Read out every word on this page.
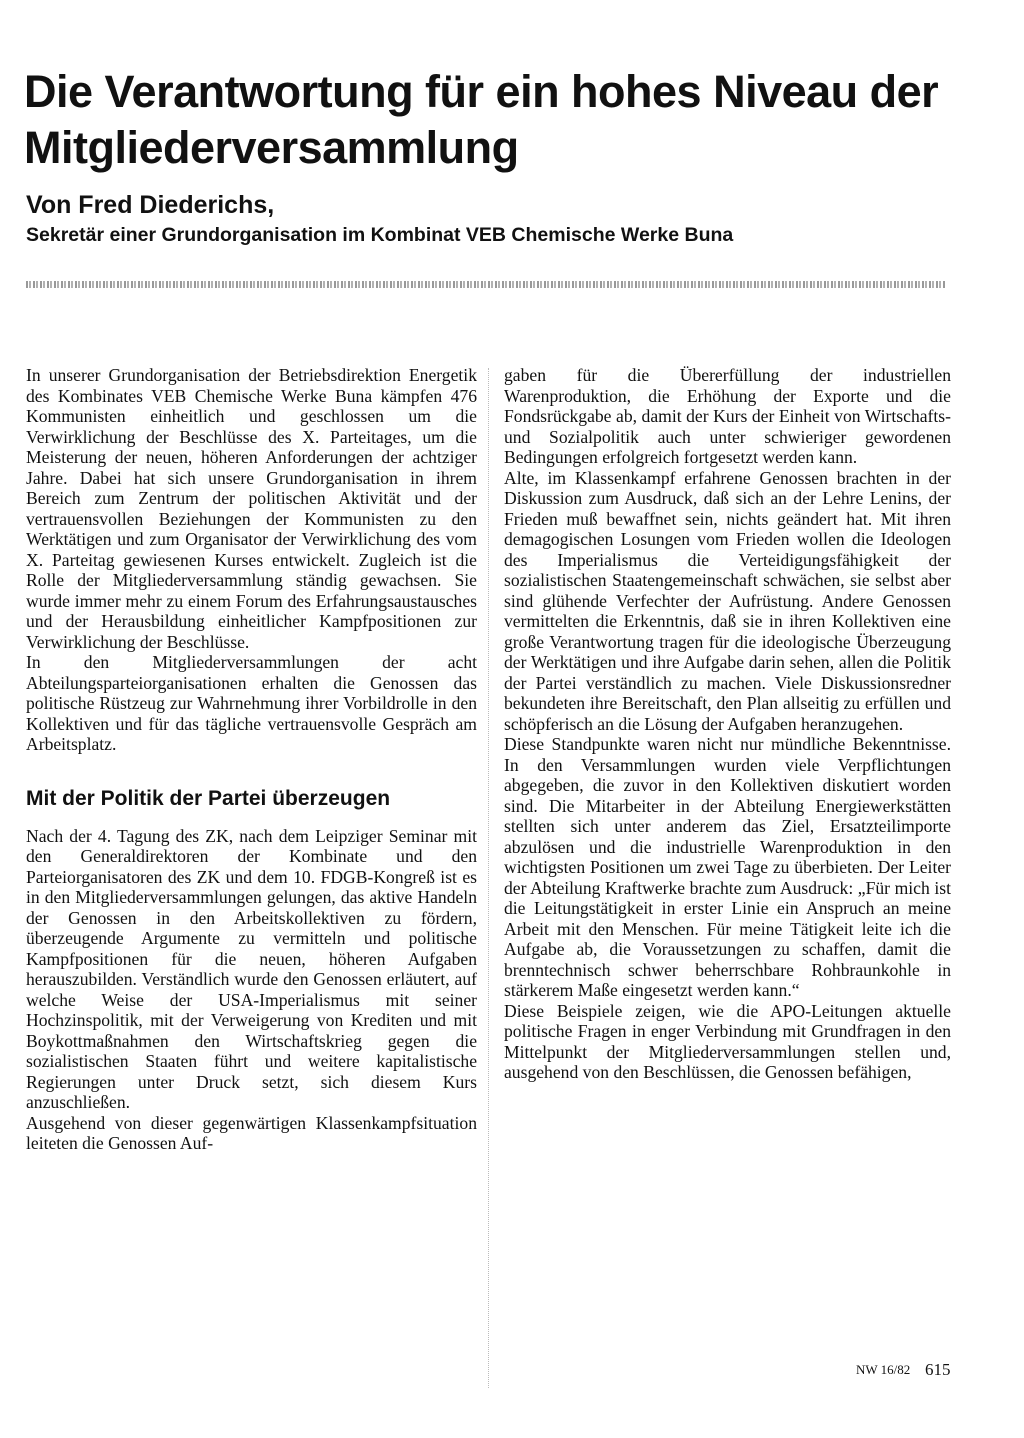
Die Verantwortung für ein hohes Niveau der Mitgliederversammlung
Von Fred Diederichs,
Sekretär einer Grundorganisation im Kombinat VEB Chemische Werke Buna

In unserer Grundorganisation der Betriebsdirektion Energetik des Kombinates VEB Chemische Werke Buna kämpfen 476 Kommunisten einheitlich und geschlossen um die Verwirklichung der Beschlüsse des X. Parteitages, um die Meisterung der neuen, höheren Anforderungen der achtziger Jahre. Dabei hat sich unsere Grundorganisation in ihrem Bereich zum Zentrum der politischen Aktivität und der vertrauensvollen Beziehungen der Kommunisten zu den Werktätigen und zum Organisator der Verwirklichung des vom X. Parteitag gewiesenen Kurses entwickelt. Zugleich ist die Rolle der Mitgliederversammlung ständig gewachsen. Sie wurde immer mehr zu einem Forum des Erfahrungsaustausches und der Herausbildung einheitlicher Kampfpositionen zur Verwirklichung der Beschlüsse.

In den Mitgliederversammlungen der acht Abteilungsparteiorganisationen erhalten die Genossen das politische Rüstzeug zur Wahrnehmung ihrer Vorbildrolle in den Kollektiven und für das tägliche vertrauensvolle Gespräch am Arbeitsplatz.

Mit der Politik der Partei überzeugen

Nach der 4. Tagung des ZK, nach dem Leipziger Seminar mit den Generaldirektoren der Kombinate und den Parteiorganisatoren des ZK und dem 10. FDGB-Kongreß ist es in den Mitgliederversammlungen gelungen, das aktive Handeln der Genossen in den Arbeitskollektiven zu fördern, überzeugende Argumente zu vermitteln und politische Kampfpositionen für die neuen, höheren Aufgaben herauszubilden. Verständlich wurde den Genossen erläutert, auf welche Weise der USA-Imperialismus mit seiner Hochzinspolitik, mit der Verweigerung von Krediten und mit Boykottmaßnahmen den Wirtschaftskrieg gegen die sozialistischen Staaten führt und weitere kapitalistische Regierungen unter Druck setzt, sich diesem Kurs anzuschließen.

Ausgehend von dieser gegenwärtigen Klassenkampfsituation leiteten die Genossen Auf-

gaben für die Übererfüllung der industriellen Warenproduktion, die Erhöhung der Exporte und die Fondsrückgabe ab, damit der Kurs der Einheit von Wirtschafts- und Sozialpolitik auch unter schwieriger gewordenen Bedingungen erfolgreich fortgesetzt werden kann.

Alte, im Klassenkampf erfahrene Genossen brachten in der Diskussion zum Ausdruck, daß sich an der Lehre Lenins, der Frieden muß bewaffnet sein, nichts geändert hat. Mit ihren demagogischen Losungen vom Frieden wollen die Ideologen des Imperialismus die Verteidigungsfähigkeit der sozialistischen Staatengemeinschaft schwächen, sie selbst aber sind glühende Verfechter der Aufrüstung. Andere Genossen vermittelten die Erkenntnis, daß sie in ihren Kollektiven eine große Verantwortung tragen für die ideologische Überzeugung der Werktätigen und ihre Aufgabe darin sehen, allen die Politik der Partei verständlich zu machen. Viele Diskussionsredner bekundeten ihre Bereitschaft, den Plan allseitig zu erfüllen und schöpferisch an die Lösung der Aufgaben heranzugehen.

Diese Standpunkte waren nicht nur mündliche Bekenntnisse. In den Versammlungen wurden viele Verpflichtungen abgegeben, die zuvor in den Kollektiven diskutiert worden sind. Die Mitarbeiter in der Abteilung Energiewerkstätten stellten sich unter anderem das Ziel, Ersatzteilimporte abzulösen und die industrielle Warenproduktion in den wichtigsten Positionen um zwei Tage zu überbieten. Der Leiter der Abteilung Kraftwerke brachte zum Ausdruck: „Für mich ist die Leitungstätigkeit in erster Linie ein Anspruch an meine Arbeit mit den Menschen. Für meine Tätigkeit leite ich die Aufgabe ab, die Voraussetzungen zu schaffen, damit die brenntechnisch schwer beherrschbare Rohbraunkohle in stärkerem Maße eingesetzt werden kann.“

Diese Beispiele zeigen, wie die APO-Leitungen aktuelle politische Fragen in enger Verbindung mit Grundfragen in den Mittelpunkt der Mitgliederversammlungen stellen und, ausgehend von den Beschlüssen, die Genossen befähigen,

NW 16/82 615
